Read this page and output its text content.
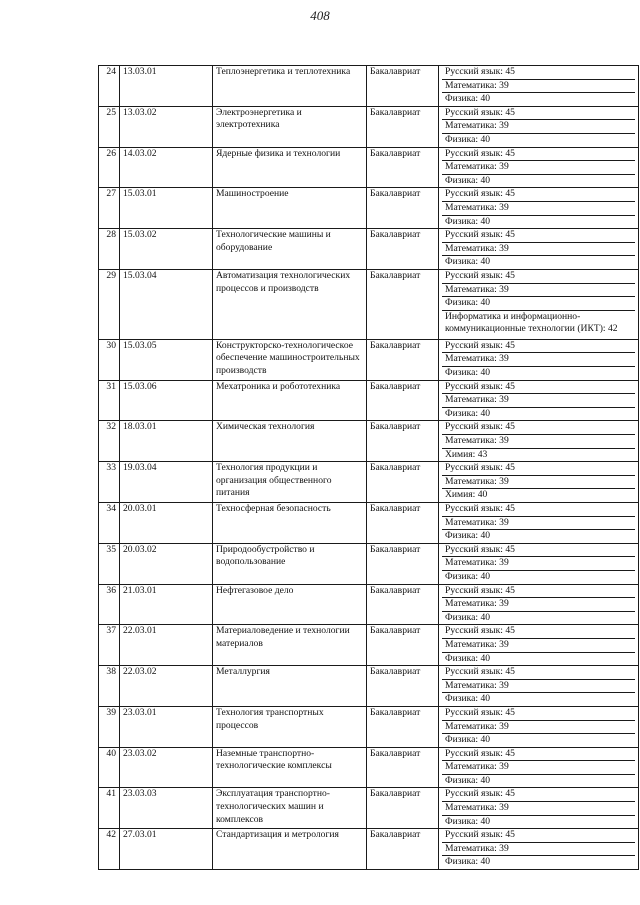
408
24	13.03.01	Теплоэнергетика и теплотехника	Бакалавриат	Русский язык: 45
Математика: 39
Физика: 40

25	13.03.02	Электроэнергетика и электротехника	Бакалавриат	Русский язык: 45
Математика: 39
Физика: 40

26	14.03.02	Ядерные физика и технологии	Бакалавриат	Русский язык: 45
Математика: 39
Физика: 40

27	15.03.01	Машиностроение	Бакалавриат	Русский язык: 45
Математика: 39
Физика: 40

28	15.03.02	Технологические машины и оборудование	Бакалавриат	Русский язык: 45
Математика: 39
Физика: 40

29	15.03.04	Автоматизация технологических процессов и производств	Бакалавриат	Русский язык: 45
Математика: 39
Физика: 40
Информатика и информационно-коммуникационные технологии (ИКТ): 42

30	15.03.05	Конструкторско-технологическое обеспечение машиностроительных производств	Бакалавриат	Русский язык: 45
Математика: 39
Физика: 40

31	15.03.06	Мехатроника и робототехника	Бакалавриат	Русский язык: 45
Математика: 39
Физика: 40

32	18.03.01	Химическая технология	Бакалавриат	Русский язык: 45
Математика: 39
Химия: 43

33	19.03.04	Технология продукции и организация общественного питания	Бакалавриат	Русский язык: 45
Математика: 39
Химия: 40

34	20.03.01	Техносферная безопасность	Бакалавриат	Русский язык: 45
Математика: 39
Физика: 40

35	20.03.02	Природообустройство и водопользование	Бакалавриат	Русский язык: 45
Математика: 39
Физика: 40

36	21.03.01	Нефтегазовое дело	Бакалавриат	Русский язык: 45
Математика: 39
Физика: 40

37	22.03.01	Материаловедение и технологии материалов	Бакалавриат	Русский язык: 45
Математика: 39
Физика: 40

38	22.03.02	Металлургия	Бакалавриат	Русский язык: 45
Математика: 39
Физика: 40

39	23.03.01	Технология транспортных процессов	Бакалавриат	Русский язык: 45
Математика: 39
Физика: 40

40	23.03.02	Наземные транспортно-технологические комплексы	Бакалавриат	Русский язык: 45
Математика: 39
Физика: 40

41	23.03.03	Эксплуатация транспортно-технологических машин и комплексов	Бакалавриат	Русский язык: 45
Математика: 39
Физика: 40

42	27.03.01	Стандартизация и метрология	Бакалавриат	Русский язык: 45
Математика: 39
Физика: 40
